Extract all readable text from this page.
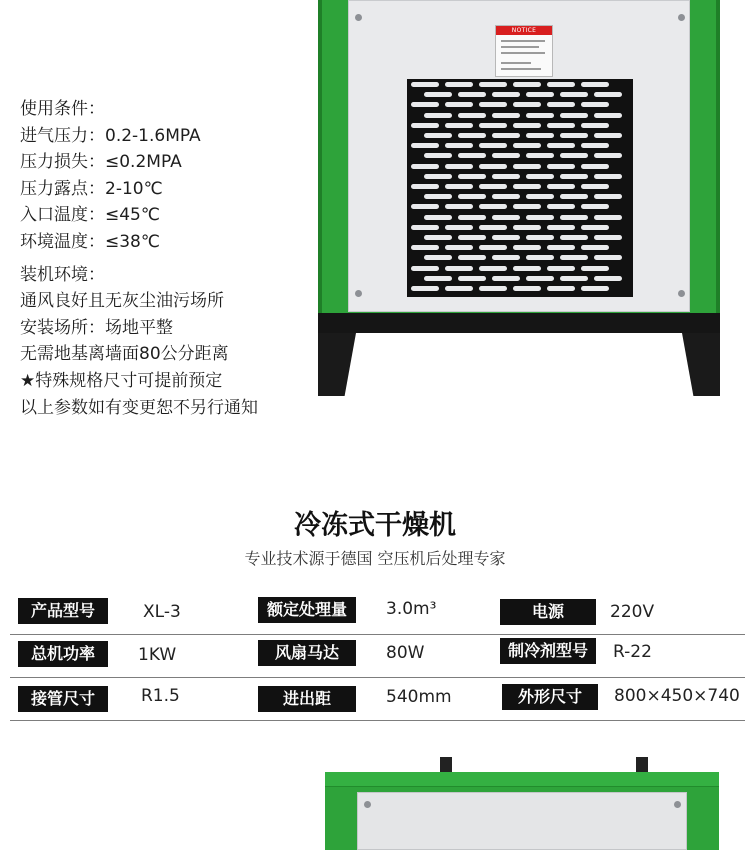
NOTICE
使用条件：
进气压力：0.2-1.6MPA
压力损失：≤0.2MPA
压力露点：2-10℃
入口温度：≤45℃
环境温度：≤38℃
装机环境：
通风良好且无灰尘油污场所
安装场所：场地平整
无需地基离墙面80公分距离
★特殊规格尺寸可提前预定
以上参数如有变更恕不另行通知
冷冻式干燥机
专业技术源于德国 空压机后处理专家
产品型号	XL-3	额定处理量	3.0m³	电源	220V
总机功率	1KW	风扇马达	80W	制冷剂型号	R-22
接管尺寸	R1.5	进出距	540mm	外形尺寸	800×450×740
